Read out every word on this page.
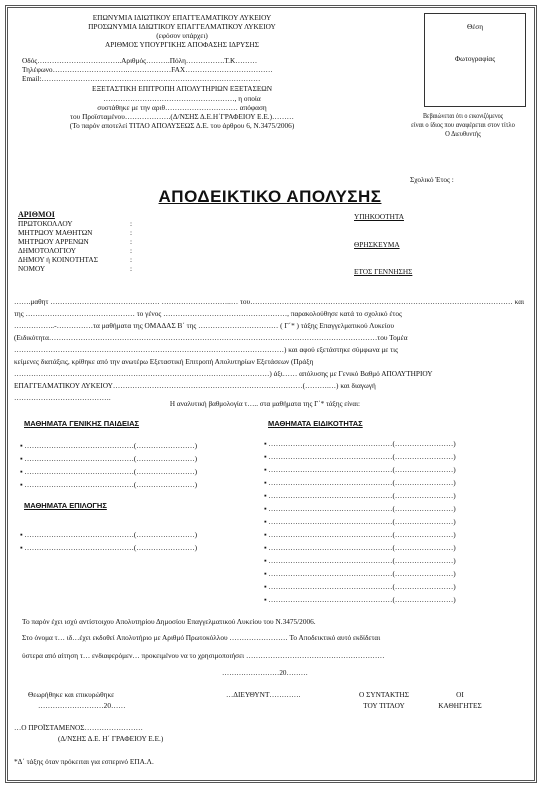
ΕΠΩΝΥΜΙΑ ΙΔΙΩΤΙΚΟΥ ΕΠΑΓΓΕΛΜΑΤΙΚΟΥ ΛΥΚΕΙΟΥ
ΠΡΟΣΩΝΥΜΙΑ ΙΔΙΩΤΙΚΟΥ ΕΠΑΓΓΕΛΜΑΤΙΚΟΥ ΛΥΚΕΙΟΥ
(εφόσον υπάρχει)
ΑΡΙΘΜΟΣ ΥΠΟΥΡΓΙΚΗΣ ΑΠΟΦΑΣΗΣ ΙΔΡΥΣΗΣ
Οδός……………………………..Αριθμός……….Πόλη…………….Τ.Κ………
Τηλέφωνο………………………….………………FAX………………………………
Email:………………………………………………………………………………
ΕΞΕΤΑΣΤΙΚΗ ΕΠΙΤΡΟΠΗ ΑΠΟΛΥΤΗΡΙΩΝ ΕΞΕΤΑΣΕΩΝ
………………………………………………, η οποία
συστάθηκε με την αριθ………………………… απόφαση
του Προϊσταμένου……………….(Δ/ΝΣΗΣ Δ.Ε.Η΄ΓΡΑΦΕΙΟΥ Ε.Ε.)………
(Το παρόν αποτελεί ΤΙΤΛΟ ΑΠΟΛΥΣΕΩΣ Δ.Ε. του άρθρου 6, Ν.3475/2006)
Θέση
Φωτογραφίας
Βεβαιώνεται ότι ο εικονιζόμενος
είναι ο ίδιος που αναφέρεται στον τίτλο
Ο Διευθυντής
Σχολικό Έτος :
ΑΠΟΔΕΙΚΤΙΚΟ ΑΠΟΛΥΣΗΣ
ΑΡΙΘΜΟΙ
ΠΡΩΤΟΚΟΛΛΟΥ
ΜΗΤΡΩΟΥ ΜΑΘΗΤΩΝ
ΜΗΤΡΩΟΥ ΑΡΡΕΝΩΝ
ΔΗΜΟΤΟΛΟΓΙΟΥ
ΔΗΜΟΥ ή ΚΟΙΝΟΤΗΤΑΣ
ΝΟΜΟΥ
:
:
:
:
:
:
ΥΠΗΚΟΟΤΗΤΑ
ΘΡΗΣΚΕΥΜΑ
ΕΤΟΣ ΓΕΝΝΗΣΗΣ
…….μαθητ ……………………………………… ………………………..… του……………………………………………………………………………………………… και
της ……………………………………… το γένος ……………………………………………, παρακολούθησε κατά το σχολικό έτος
……………..-……………τα μαθήματα της ΟΜΑΔΑΣ Β΄ της …………………………… ( Γ΄* ) τάξης Επαγγελματικού Λυκείου
(Ειδικότητα………………………………………………………………………………………………………………………του Τομέα
…………………………………………………………………………………………………) και αφού εξετάστηκε σύμφωνα με τις
κείμενες διατάξεις, κρίθηκε από την ανωτέρω Εξεταστική Επιτροπή Απολυτηρίων Εξετάσεων (Πράξη
……………………………………………………………………………………………) άξι…… απόλυσης με Γενικό Βαθμό ΑΠΟΛΥΤΗΡΙΟΥ
ΕΠΑΓΓΕΛΜΑΤΙΚΟΥ ΛΥΚΕΙΟΥ……………………………………………………………………(……….…) και διαγωγή
………………………………….
Η αναλυτική βαθμολογία τ….. στα μαθήματα της Γ΄* τάξης είναι:
ΜΑΘΗΜΑΤΑ ΓΕΝΙΚΗΣ ΠΑΙΔΕΙΑΣ	ΜΑΘΗΜΑΤΑ ΕΙΔΙΚΟΤΗΤΑΣ
▪ ………………………………………(……………………)
▪ ………………………………………(……………………)
▪ ………………………………………(……………………)
▪ ………………………………………(……………………)
ΜΑΘΗΜΑΤΑ ΕΠΙΛΟΓΗΣ
▪ ………………………………………(……………………)
▪ ………………………………………(……………………)
▪ ……………………………………………(……………………)
▪ ……………………………………………(……………………)
▪ ……………………………………………(……………………)
▪ ……………………………………………(……………………)
▪ ……………………………………………(……………………)
▪ ……………………………………………(……………………)
▪ ……………………………………………(……………………)
▪ ……………………………………………(……………………)
▪ ……………………………………………(……………………)
▪ ……………………………………………(……………………)
▪ ……………………………………………(……………………)
▪ ……………………………………………(……………………)
▪ ……………………………………………(……………………)
Το παρόν έχει ισχύ αντίστοιχου Απολυτηρίου Δημοσίου Επαγγελματικού Λυκείου του Ν.3475/2006.
Στο όνομα τ… ιδ…έχει εκδοθεί Απολυτήριο με Αριθμό Πρωτοκόλλου …………………… Το Αποδεικτικό αυτό εκδίδεται
ύστερα από αίτηση τ… ενδιαφερόμεν… προκειμένου να το χρησιμοποιήσει …………………………………………………
……………………20………
Θεωρήθηκε και επικυρώθηκε
………………………20……
…ΔΙΕΥΘΥΝΤ………….	Ο ΣΥΝΤΑΚΤΗΣ
ΤΟΥ ΤΙΤΛΟΥ
ΟΙ
ΚΑΘΗΓΗΤΕΣ
…Ο ΠΡΟΪΣΤΑΜΕΝΟΣ……………………
(Δ/ΝΣΗΣ Δ.Ε. Η΄ ΓΡΑΦΕΙΟΥ Ε.Ε.)
*Δ΄ τάξης όταν πρόκειται για εσπερινό ΕΠΑ.Λ.
